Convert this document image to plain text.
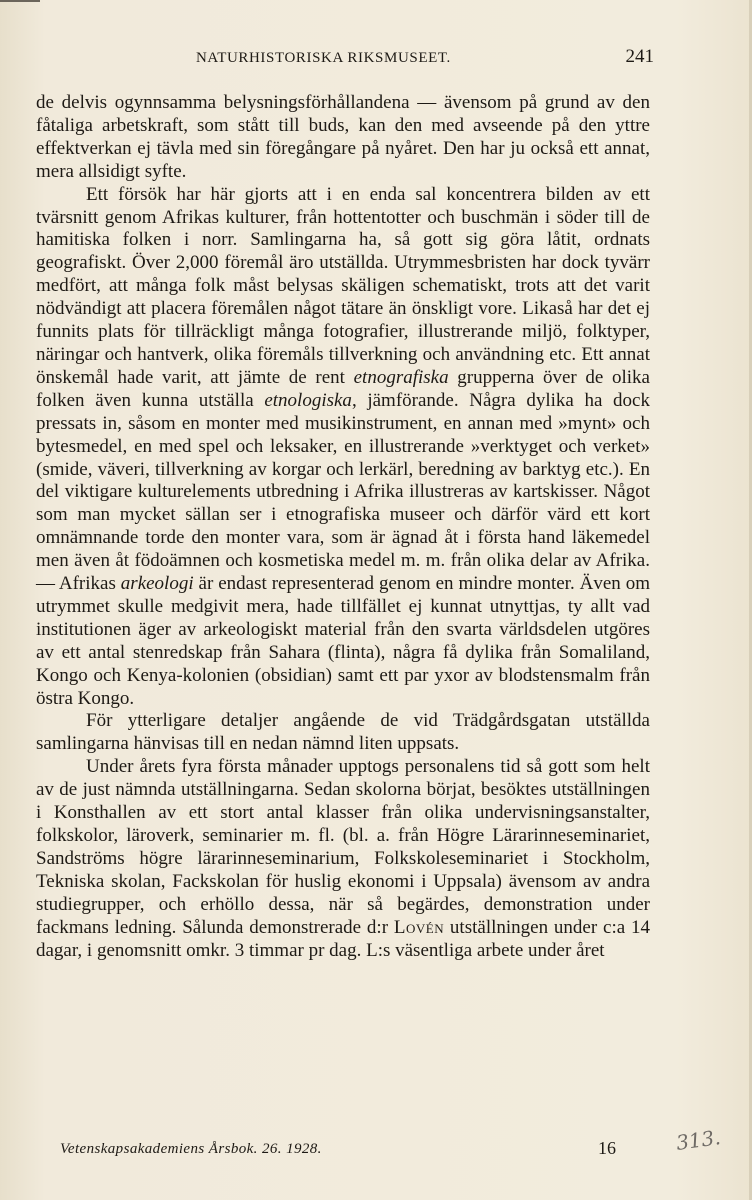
NATURHISTORISKA RIKSMUSEET.	241

de delvis ogynnsamma belysningsförhållandena — ävensom på grund av den fåtaliga arbetskraft, som stått till buds, kan den med avseende på den yttre effektverkan ej tävla med sin föregångare på nyåret. Den har ju också ett annat, mera allsidigt syfte.

Ett försök har här gjorts att i en enda sal koncentrera bilden av ett tvärsnitt genom Afrikas kulturer, från hottentotter och buschmän i söder till de hamitiska folken i norr. Samlingarna ha, så gott sig göra låtit, ordnats geografiskt. Över 2,000 föremål äro utställda. Utrymmesbristen har dock tyvärr medfört, att många folk måst belysas skäligen schematiskt, trots att det varit nödvändigt att placera föremålen något tätare än önskligt vore. Likaså har det ej funnits plats för tillräckligt många fotografier, illustrerande miljö, folktyper, näringar och hantverk, olika föremåls tillverkning och användning etc. Ett annat önskemål hade varit, att jämte de rent etnografiska grupperna över de olika folken även kunna utställa etnologiska, jämförande. Några dylika ha dock pressats in, såsom en monter med musikinstrument, en annan med »mynt» och bytesmedel, en med spel och leksaker, en illustrerande »verktyget och verket» (smide, väveri, tillverkning av korgar och lerkärl, beredning av barktyg etc.). En del viktigare kulturelements utbredning i Afrika illustreras av kartskisser. Något som man mycket sällan ser i etnografiska museer och därför värd ett kort omnämnande torde den monter vara, som är ägnad åt i första hand läkemedel men även åt födoämnen och kosmetiska medel m. m. från olika delar av Afrika. — Afrikas arkeologi är endast representerad genom en mindre monter. Även om utrymmet skulle medgivit mera, hade tillfället ej kunnat utnyttjas, ty allt vad institutionen äger av arkeologiskt material från den svarta världsdelen utgöres av ett antal stenredskap från Sahara (flinta), några få dylika från Somaliland, Kongo och Kenya-kolonien (obsidian) samt ett par yxor av blodstensmalm från östra Kongo.

För ytterligare detaljer angående de vid Trädgårdsgatan utställda samlingarna hänvisas till en nedan nämnd liten uppsats.

Under årets fyra första månader upptogs personalens tid så gott som helt av de just nämnda utställningarna. Sedan skolorna börjat, besöktes utställningen i Konsthallen av ett stort antal klasser från olika undervisningsanstalter, folkskolor, läroverk, seminarier m. fl. (bl. a. från Högre Lärarinneseminariet, Sandströms högre lärarinneseminarium, Folkskoleseminariet i Stockholm, Tekniska skolan, Fackskolan för huslig ekonomi i Uppsala) ävensom av andra studiegrupper, och erhöllo dessa, när så begärdes, demonstration under fackmans ledning. Sålunda demonstrerade d:r Lovén utställningen under c:a 14 dagar, i genomsnitt omkr. 3 timmar pr dag. L:s väsentliga arbete under året

Vetenskapsakademiens Årsbok. 26. 1928.	16	313.
